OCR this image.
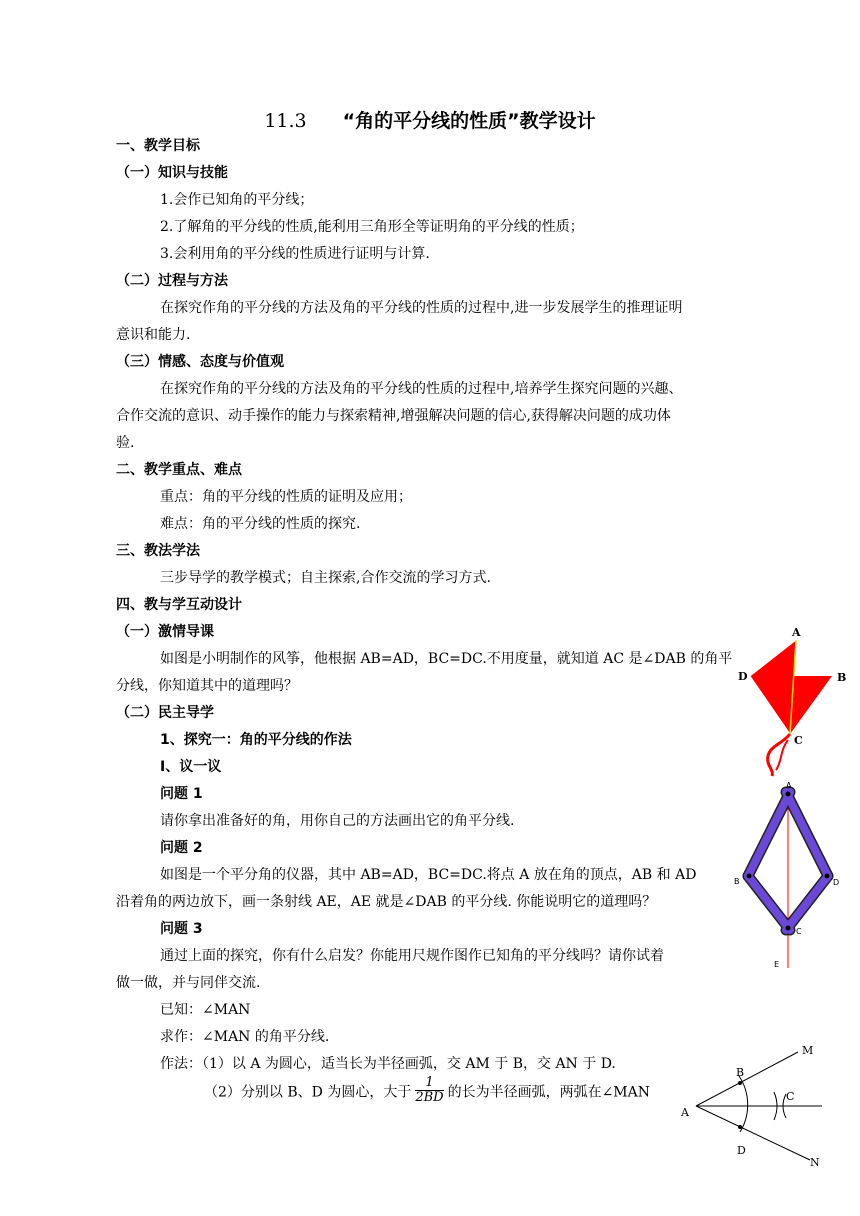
11.3 “角的平分线的性质”教学设计
一、教学目标
（一）知识与技能
1.会作已知角的平分线；
2.了解角的平分线的性质,能利用三角形全等证明角的平分线的性质；
3.会利用角的平分线的性质进行证明与计算.
（二）过程与方法
在探究作角的平分线的方法及角的平分线的性质的过程中,进一步发展学生的推理证明
意识和能力.
（三）情感、态度与价值观
在探究作角的平分线的方法及角的平分线的性质的过程中,培养学生探究问题的兴趣、
合作交流的意识、动手操作的能力与探索精神,增强解决问题的信心,获得解决问题的成功体
验.
二、教学重点、难点
重点：角的平分线的性质的证明及应用；
难点：角的平分线的性质的探究.
三、教法学法
三步导学的教学模式；自主探索,合作交流的学习方式.
四、教与学互动设计
（一）激情导课
如图是小明制作的风筝，他根据 AB=AD，BC=DC.不用度量，就知道 AC 是∠DAB 的角平
分线，你知道其中的道理吗？
（二）民主导学
1、探究一：角的平分线的作法
Ⅰ、议一议
问题 1
请你拿出准备好的角，用你自己的方法画出它的角平分线.
问题 2
如图是一个平分角的仪器，其中 AB=AD，BC=DC.将点 A 放在角的顶点，AB 和 AD
沿着角的两边放下，画一条射线 AE，AE 就是∠DAB 的平分线. 你能说明它的道理吗？
问题 3
通过上面的探究，你有什么启发？你能用尺规作图作已知角的平分线吗？请你试着
做一做，并与同伴交流.
已知：∠MAN
求作：∠MAN 的角平分线.
作法：（1）以 A 为圆心，适当长为半径画弧，交 AM 于 B，交 AN 于 D.
（2）分别以 B、D 为圆心，大于 $\frac{1}{2BD}$ 的长为半径画弧，两弧在∠MAN
A
D	B
C
A
B	D
C
E
M
B
C
A
D
N
